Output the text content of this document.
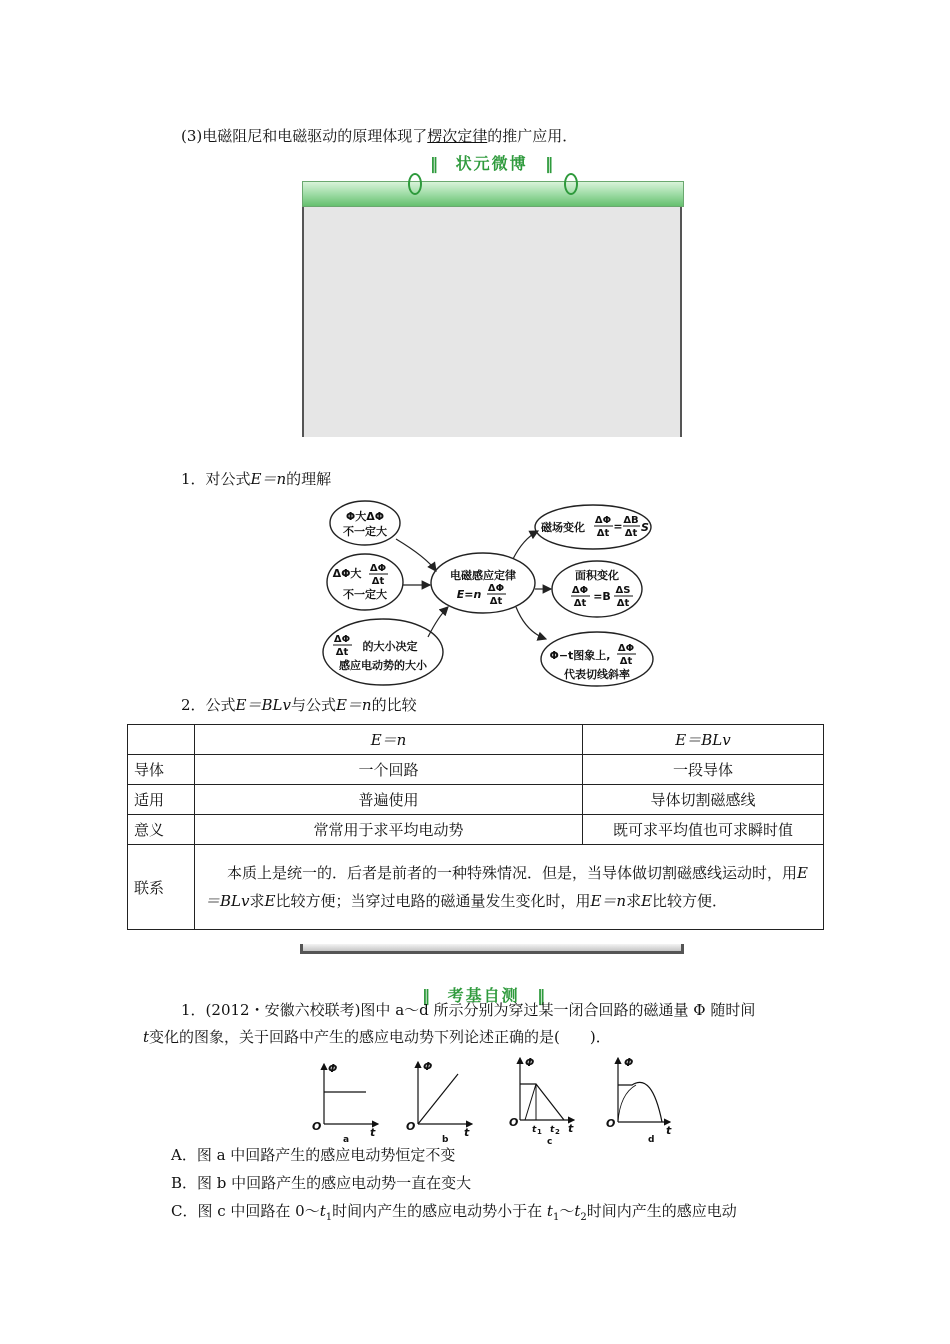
(3)电磁阻尼和电磁驱动的原理体现了楞次定律的推广应用．
‖ 状元微博 ‖
1．对公式E＝n的理解
Φ大ΔΦ
不一定大
ΔΦ大 ΔΦ
Δt
不一定大
ΔΦ
Δt 的大小决定
感应电动势的大小
电磁感应定律
E=n ΔΦ
Δt
磁场变化
ΔΦ
Δt
= ΔB
Δt S
面积变化
ΔΦ
Δt
=B ΔS
Δt
Φ−t图象上,
ΔΦ
Δt
代表切线斜率
2．公式E＝BLv与公式E＝n的比较
	E＝n	E＝BLv
导体	一个回路	一段导体
适用	普遍使用	导体切割磁感线
意义	常常用于求平均电动势	既可求平均值也可求瞬时值
联系	本质上是统一的．后者是前者的一种特殊情况．但是，当导体做切割磁感线运动时，用E＝BLv求E比较方便；当穿过电路的磁通量发生变化时，用E＝n求E比较方便．	
‖ 考基自测 ‖
1．(2012・安徽六校联考)图中 a～d 所示分别为穿过某一闭合回路的磁通量 Φ 随时间
t变化的图象，关于回路中产生的感应电动势下列论述正确的是(　　)．
Φ
O	t
a
Φ
O	t
b
Φ
O
t 1 t 2 t
c
Φ
O
t
d
A．图 a 中回路产生的感应电动势恒定不变
B．图 b 中回路产生的感应电动势一直在变大
C．图 c 中回路在 $0\sim t_1$时间内产生的感应电动势小于在 $t_1\sim t_2$时间内产生的感应电动
